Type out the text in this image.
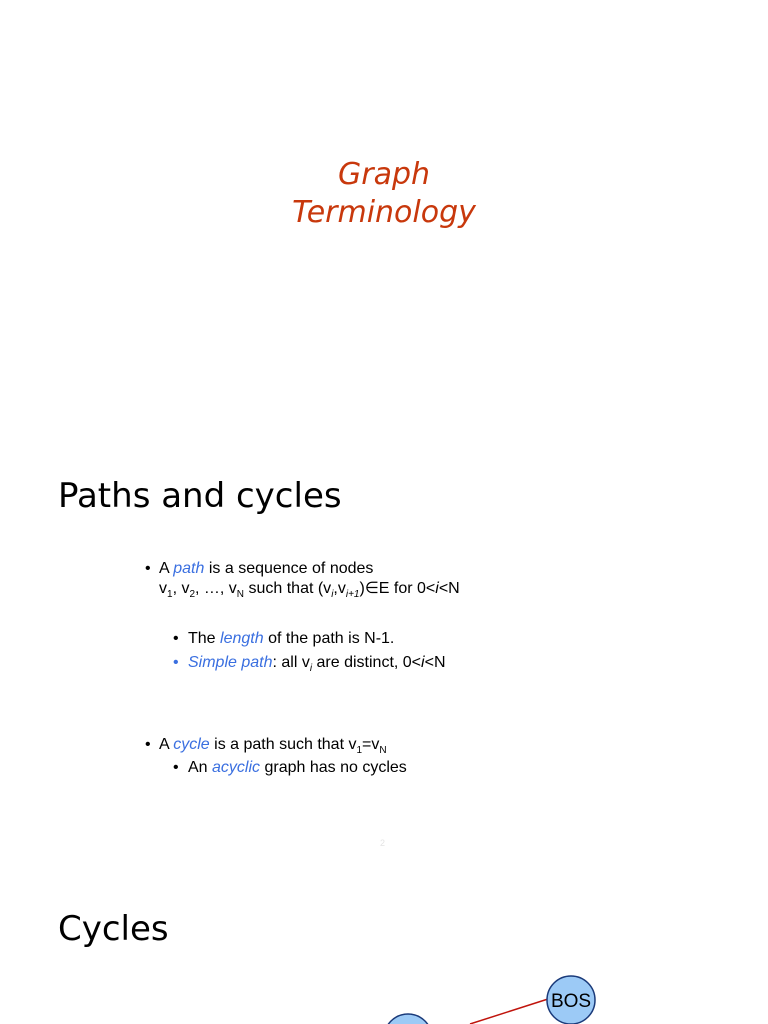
Graph
Terminology
Paths and cycles
• A path is a sequence of nodes
$v_1$, $v_2$, …, $v_N$ such that $(v_i,v_{i+1})\in E$ for 0<i<N
• The length of the path is N-1.
• Simple path: all $v_i$ are distinct, 0<i<N
• A cycle is a path such that $v_1=v_N$
• An acyclic graph has no cycles
2
Cycles
BOS
